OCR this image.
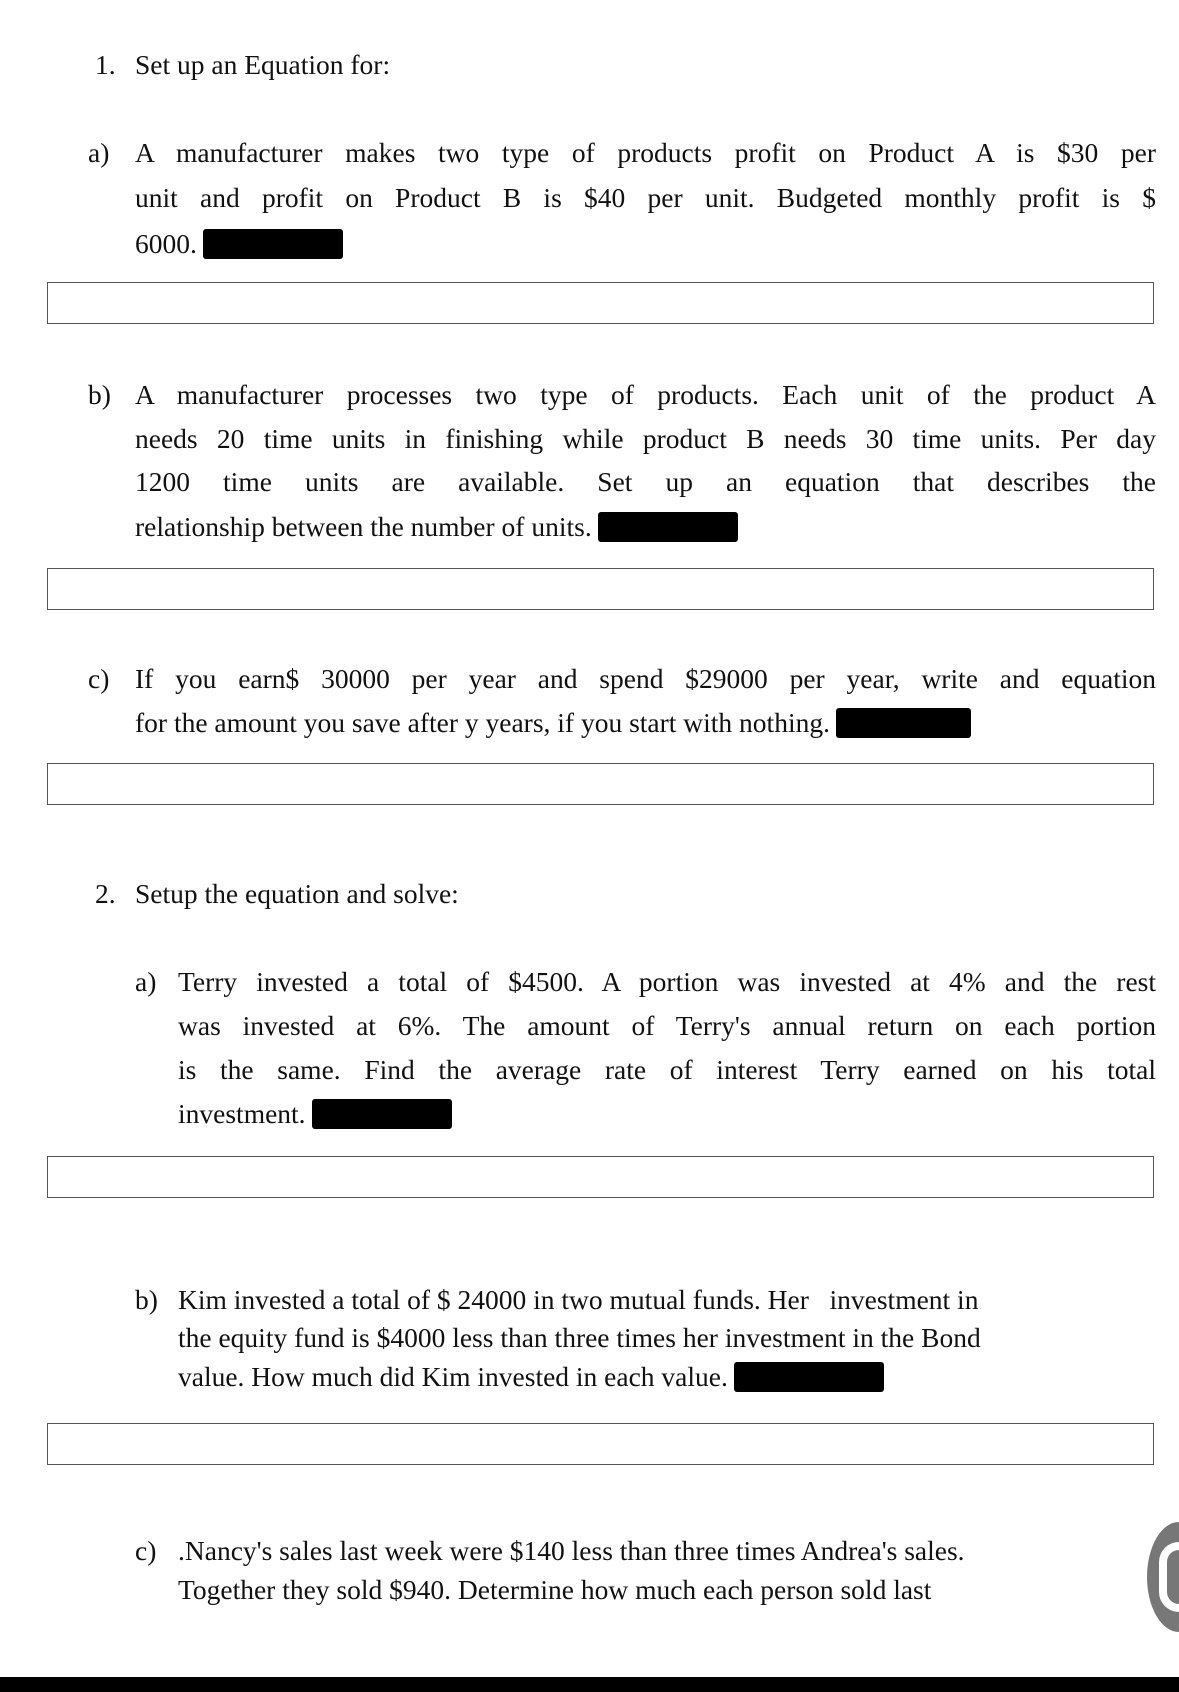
1. Set up an Equation for:
a) A manufacturer makes two type of products profit on Product A is $30 per
unit and profit on Product B is $40 per unit. Budgeted monthly profit is $
6000.
b) A manufacturer processes two type of products. Each unit of the product A
needs 20 time units in finishing while product B needs 30 time units. Per day
1200 time units are available. Set up an equation that describes the
relationship between the number of units.
c) If you earn$ 30000 per year and spend $29000 per year, write and equation
for the amount you save after y years, if you start with nothing.
2. Setup the equation and solve:
a) Terry invested a total of $4500. A portion was invested at 4% and the rest
was invested at 6%. The amount of Terry's annual return on each portion
is the same. Find the average rate of interest Terry earned on his total
investment.
b) Kim invested a total of $ 24000 in two mutual funds. Her   investment in
the equity fund is $4000 less than three times her investment in the Bond
value. How much did Kim invested in each value.
c) .Nancy's sales last week were $140 less than three times Andrea's sales.
Together they sold $940. Determine how much each person sold last
